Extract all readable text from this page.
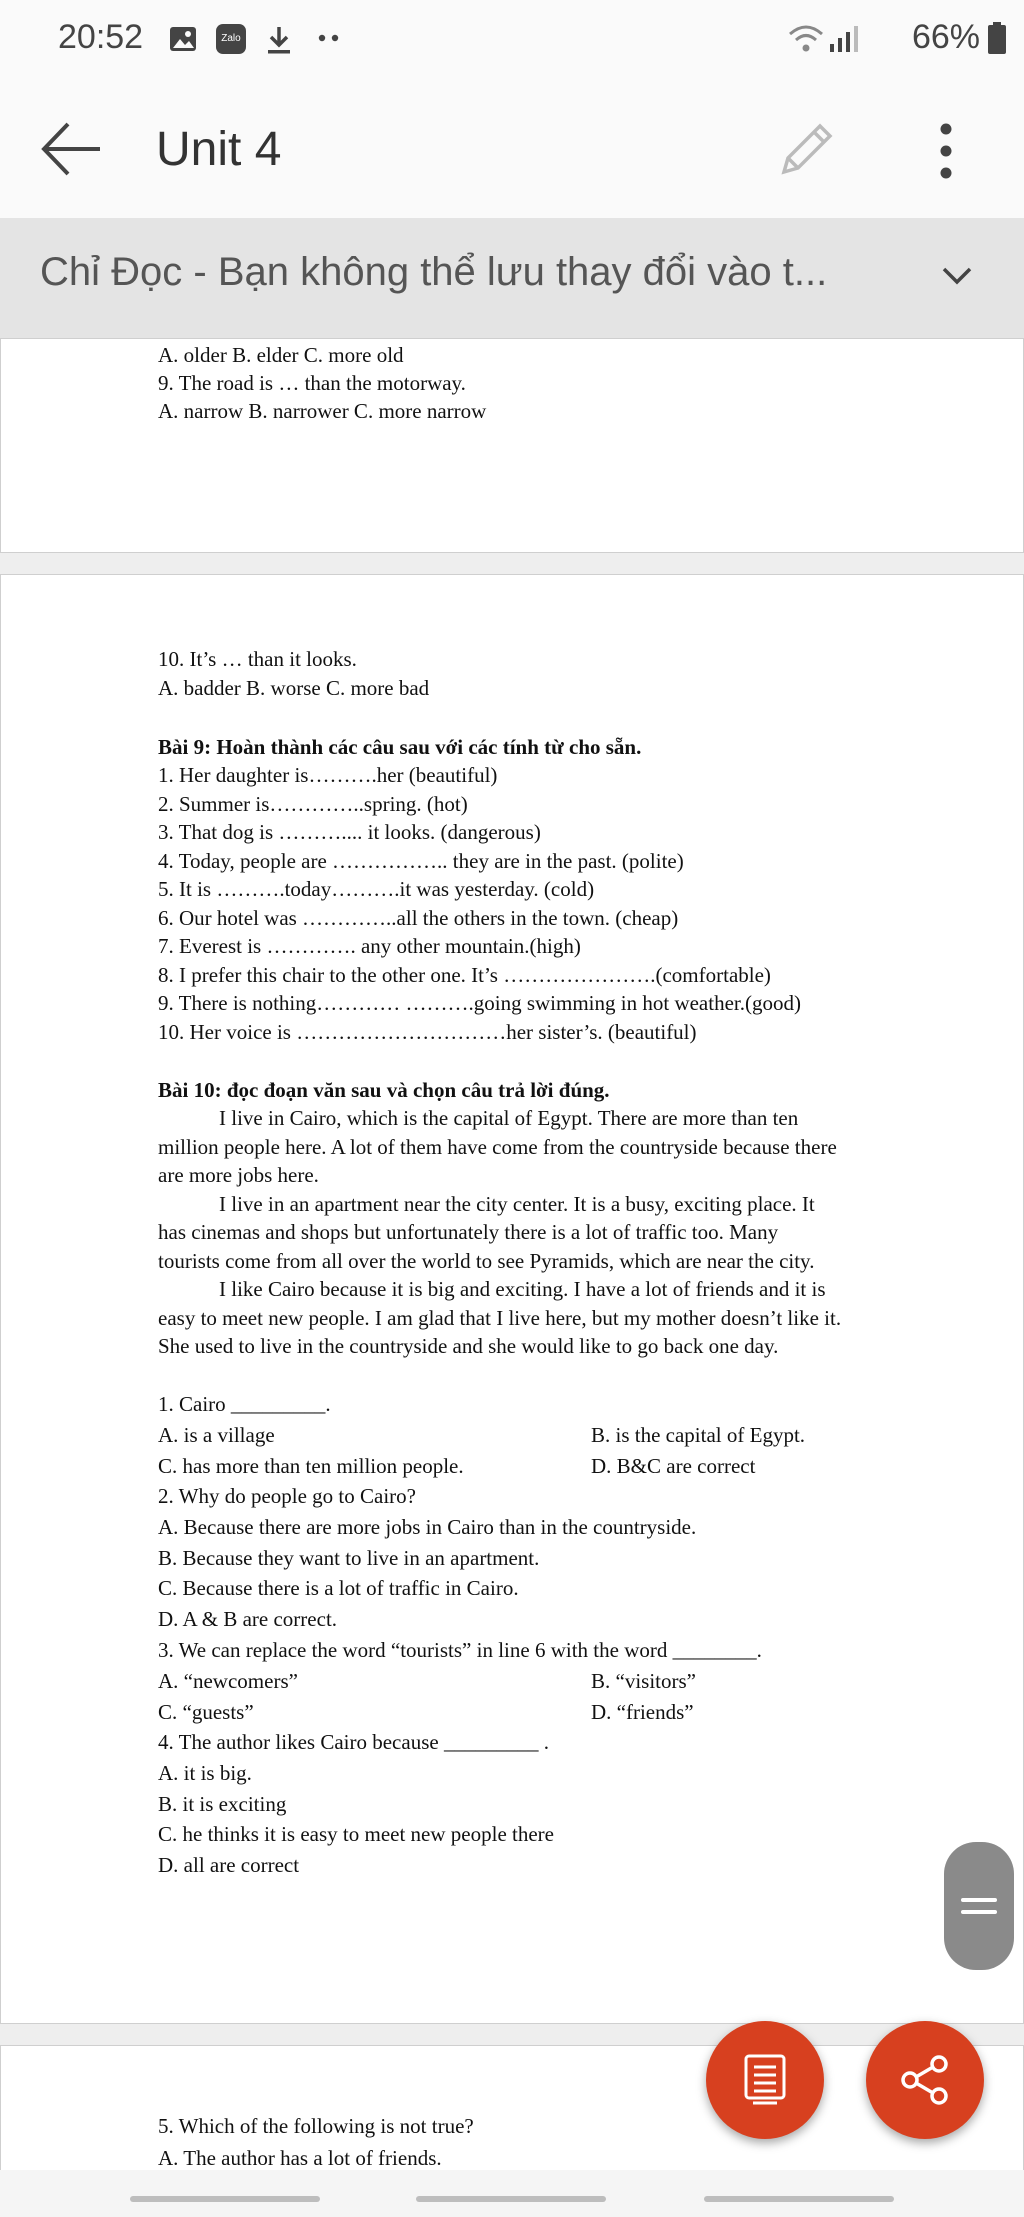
20:52	Zalo	66%
Unit 4
Chỉ Đọc - Bạn không thể lưu thay đổi vào t...
A. older B. elder C. more old
9. The road is … than the motorway.
A. narrow B. narrower C. more narrow
10. It’s … than it looks.
A. badder B. worse C. more bad
Bài 9: Hoàn thành các câu sau với các tính từ cho sẵn.
1. Her daughter is……….her (beautiful)
2. Summer is…………..spring. (hot)
3. That dog is ……….... it looks. (dangerous)
4. Today, people are …………….. they are in the past. (polite)
5. It is ……….today……….it was yesterday. (cold)
6. Our hotel was …………..all the others in the town. (cheap)
7. Everest is …………. any other mountain.(high)
8. I prefer this chair to the other one. It’s ………………….(comfortable)
9. There is nothing………… ……….going swimming in hot weather.(good)
10. Her voice is …………………………her sister’s. (beautiful)
Bài 10: đọc đoạn văn sau và chọn câu trả lời đúng.
I live in Cairo, which is the capital of Egypt. There are more than ten
million people here. A lot of them have come from the countryside because there
are more jobs here.
I live in an apartment near the city center. It is a busy, exciting place. It
has cinemas and shops but unfortunately there is a lot of traffic too. Many
tourists come from all over the world to see Pyramids, which are near the city.
I like Cairo because it is big and exciting. I have a lot of friends and it is
easy to meet new people. I am glad that I live here, but my mother doesn’t like it.
She used to live in the countryside and she would like to go back one day.
1. Cairo _________.
A. is a village	B. is the capital of Egypt.
C. has more than ten million people.	D. B&C are correct
2. Why do people go to Cairo?
A. Because there are more jobs in Cairo than in the countryside.
B. Because they want to live in an apartment.
C. Because there is a lot of traffic in Cairo.
D. A & B are correct.
3. We can replace the word “tourists” in line 6 with the word ________.
A. “newcomers”	B. “visitors”
C. “guests”	D. “friends”
4. The author likes Cairo because _________ .
A. it is big.
B. it is exciting
C. he thinks it is easy to meet new people there
D. all are correct
5. Which of the following is not true?
A. The author has a lot of friends.
